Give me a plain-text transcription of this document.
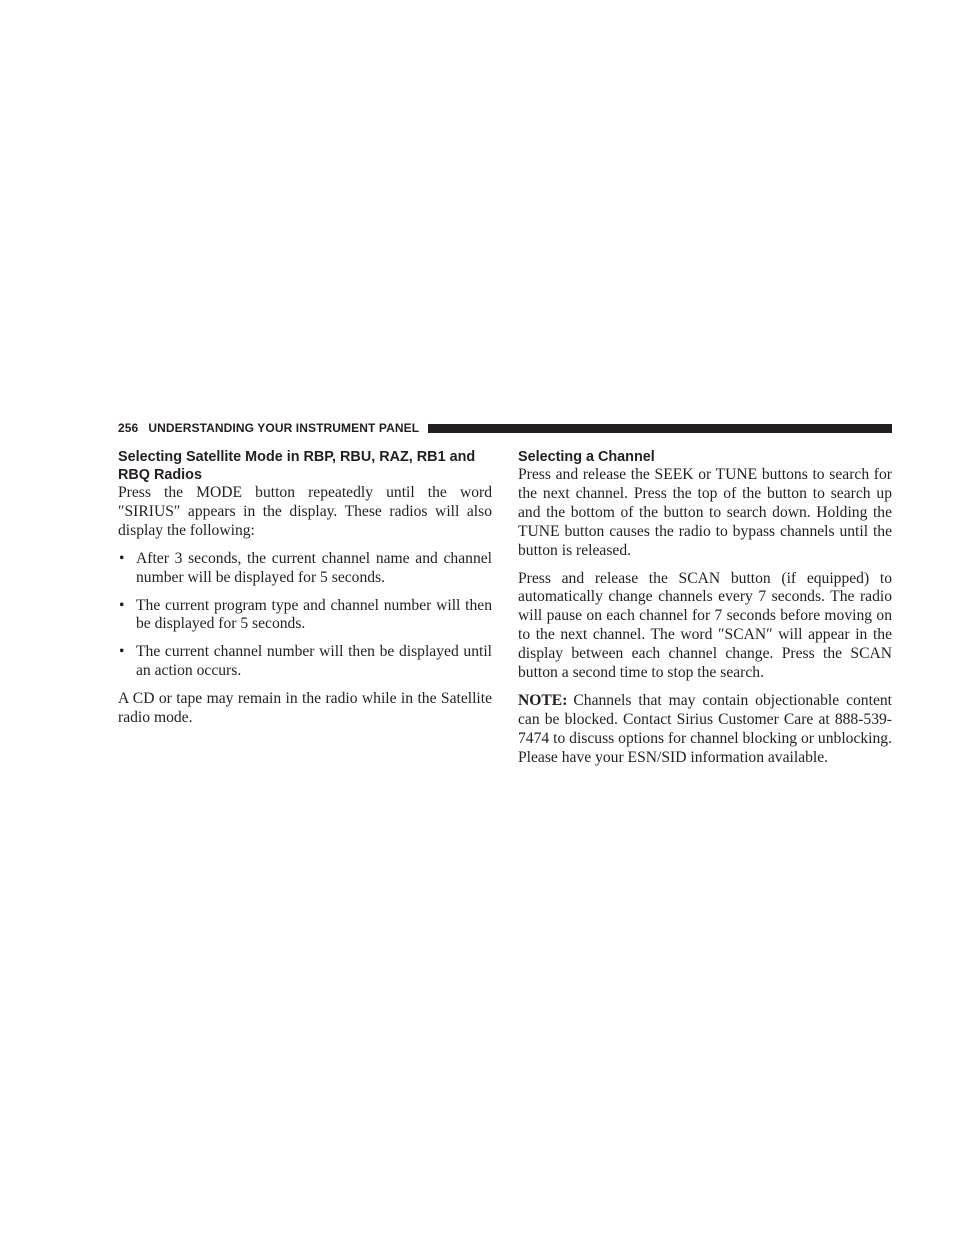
256 UNDERSTANDING YOUR INSTRUMENT PANEL
Selecting Satellite Mode in RBP, RBU, RAZ, RB1 and RBQ Radios

Press the MODE button repeatedly until the word ″SIRIUS″ appears in the display. These radios will also display the following:

• After 3 seconds, the current channel name and channel number will be displayed for 5 seconds.
• The current program type and channel number will then be displayed for 5 seconds.
• The current channel number will then be displayed until an action occurs.

A CD or tape may remain in the radio while in the Satellite radio mode.

Selecting a Channel

Press and release the SEEK or TUNE buttons to search for the next channel. Press the top of the button to search up and the bottom of the button to search down. Holding the TUNE button causes the radio to bypass channels until the button is released.

Press and release the SCAN button (if equipped) to automatically change channels every 7 seconds. The radio will pause on each channel for 7 seconds before moving on to the next channel. The word ″SCAN″ will appear in the display between each channel change. Press the SCAN button a second time to stop the search.

NOTE: Channels that may contain objectionable content can be blocked. Contact Sirius Customer Care at 888-539-7474 to discuss options for channel blocking or unblocking. Please have your ESN/SID information available.
